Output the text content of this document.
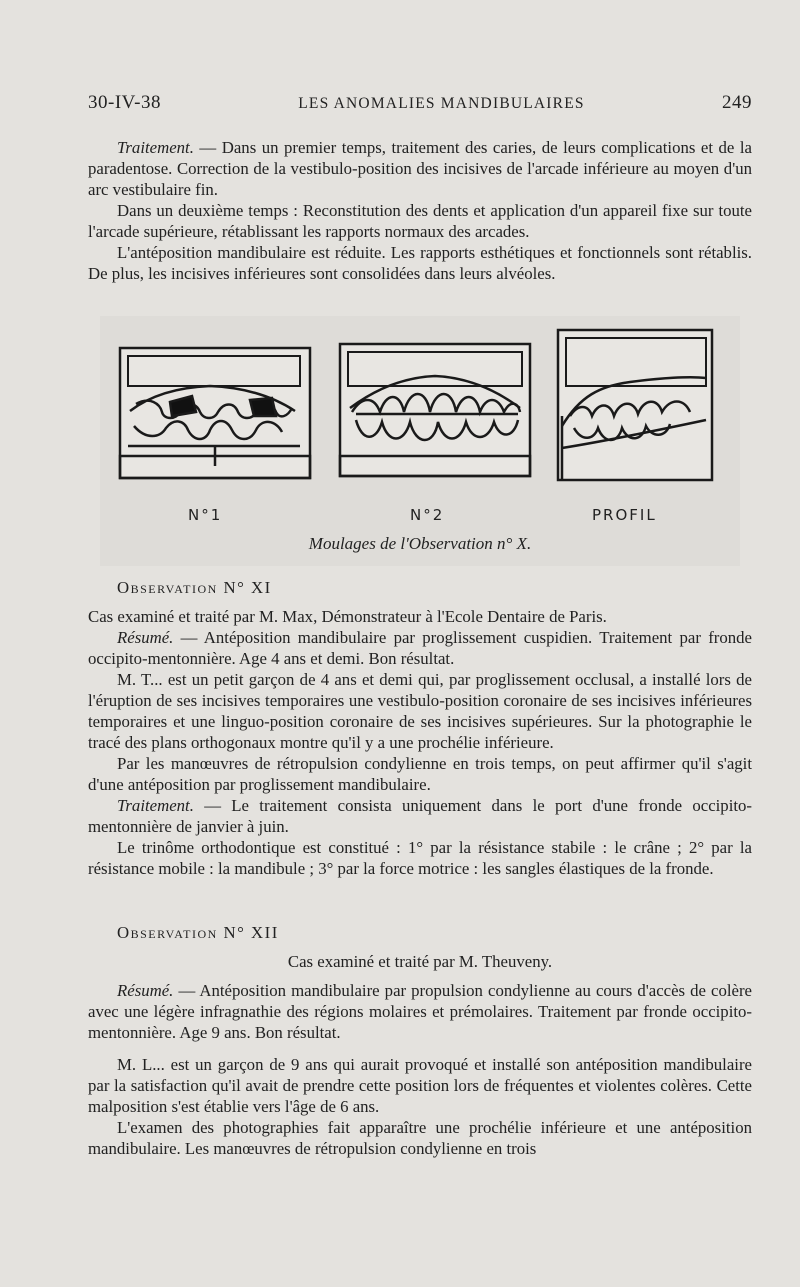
30-IV-38	LES ANOMALIES MANDIBULAIRES	249

Traitement. — Dans un premier temps, traitement des caries, de leurs complications et de la paradentose. Correction de la vestibulo-position des incisives de l'arcade inférieure au moyen d'un arc vestibulaire fin.

Dans un deuxième temps : Reconstitution des dents et application d'un appareil fixe sur toute l'arcade supérieure, rétablissant les rapports normaux des arcades.

L'antéposition mandibulaire est réduite. Les rapports esthétiques et fonctionnels sont rétablis. De plus, les incisives inférieures sont consolidées dans leurs alvéoles.

N°1	N°2	PROFIL
Moulages de l'Observation n° X.

Observation N° XI

Cas examiné et traité par M. Max, Démonstrateur à l'Ecole Dentaire de Paris.

Résumé. — Antéposition mandibulaire par proglissement cuspidien. Traitement par fronde occipito-mentonnière. Age 4 ans et demi. Bon résultat.

M. T... est un petit garçon de 4 ans et demi qui, par proglissement occlusal, a installé lors de l'éruption de ses incisives temporaires une vestibulo-position coronaire de ses incisives inférieures temporaires et une linguo-position coronaire de ses incisives supérieures. Sur la photographie le tracé des plans orthogonaux montre qu'il y a une prochélie inférieure.

Par les manœuvres de rétropulsion condylienne en trois temps, on peut affirmer qu'il s'agit d'une antéposition par proglissement mandibulaire.

Traitement. — Le traitement consista uniquement dans le port d'une fronde occipito-mentonnière de janvier à juin.

Le trinôme orthodontique est constitué : 1° par la résistance stabile : le crâne ; 2° par la résistance mobile : la mandibule ; 3° par la force motrice : les sangles élastiques de la fronde.

Observation N° XII

Cas examiné et traité par M. Theuveny.

Résumé. — Antéposition mandibulaire par propulsion condylienne au cours d'accès de colère avec une légère infragnathie des régions molaires et prémolaires. Traitement par fronde occipito-mentonnière. Age 9 ans. Bon résultat.

M. L... est un garçon de 9 ans qui aurait provoqué et installé son antéposition mandibulaire par la satisfaction qu'il avait de prendre cette position lors de fréquentes et violentes colères. Cette malposition s'est établie vers l'âge de 6 ans.

L'examen des photographies fait apparaître une prochélie inférieure et une antéposition mandibulaire. Les manœuvres de rétropulsion condylienne en trois
